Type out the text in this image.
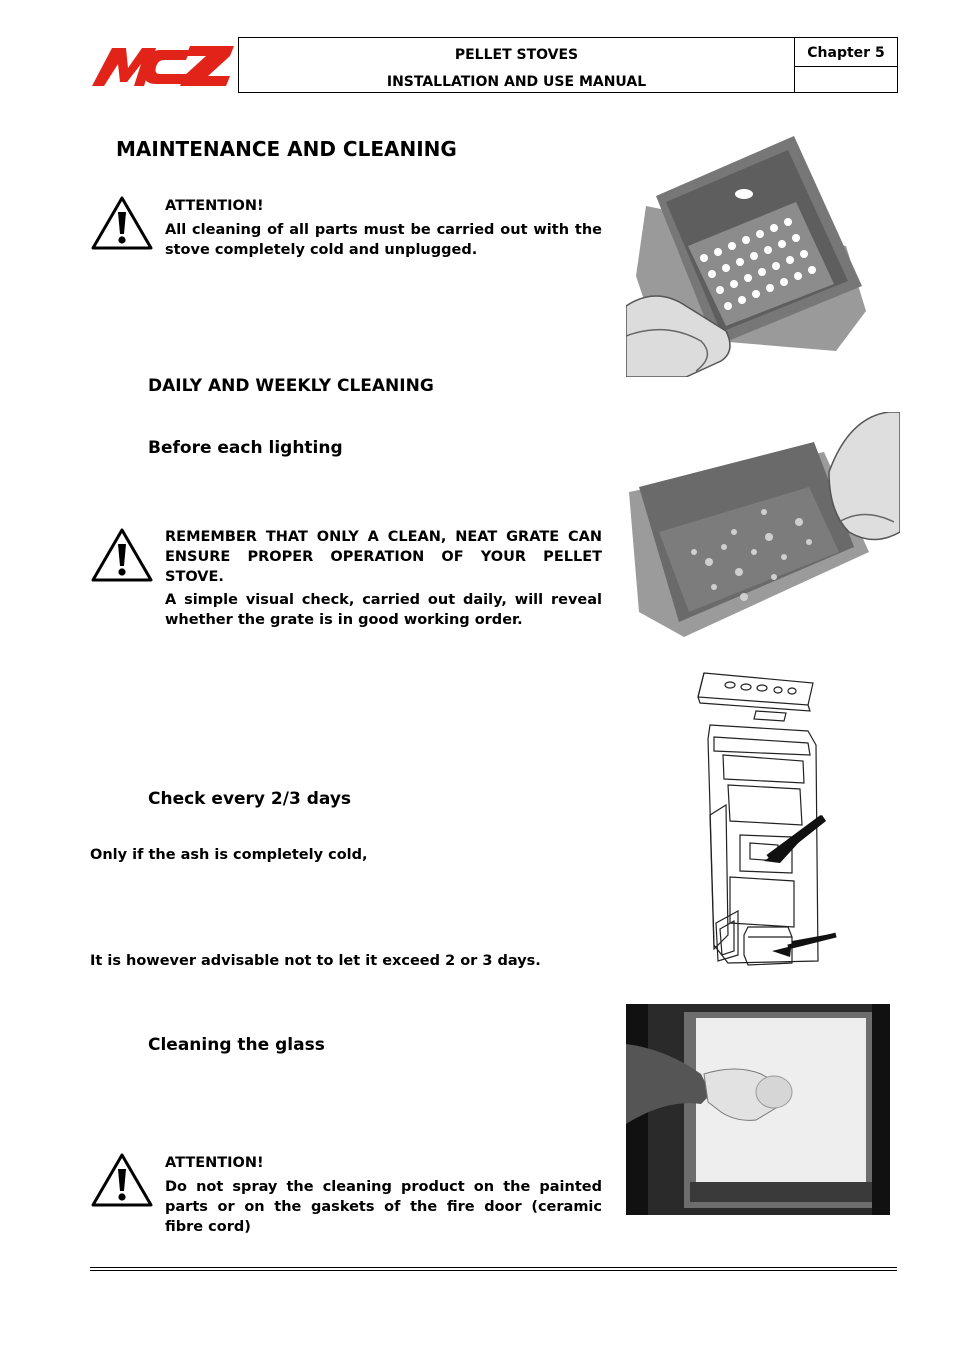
PELLET STOVES
INSTALLATION AND USE MANUAL
Chapter 5
MAINTENANCE AND CLEANING
ATTENTION!
All cleaning of all parts must be carried out with the stove completely cold and unplugged.

DAILY AND WEEKLY CLEANING

Before each lighting

REMEMBER THAT ONLY A CLEAN, NEAT GRATE CAN ENSURE PROPER OPERATION OF YOUR PELLET STOVE.
A simple visual check, carried out daily, will reveal whether the grate is in good working order.

Check every 2/3 days

Only if the ash is completely cold,
It is however advisable not to let it exceed 2 or 3 days.

Cleaning the glass

ATTENTION!
Do not spray the cleaning product on the painted parts or on the gaskets of the fire door (ceramic fibre cord)
